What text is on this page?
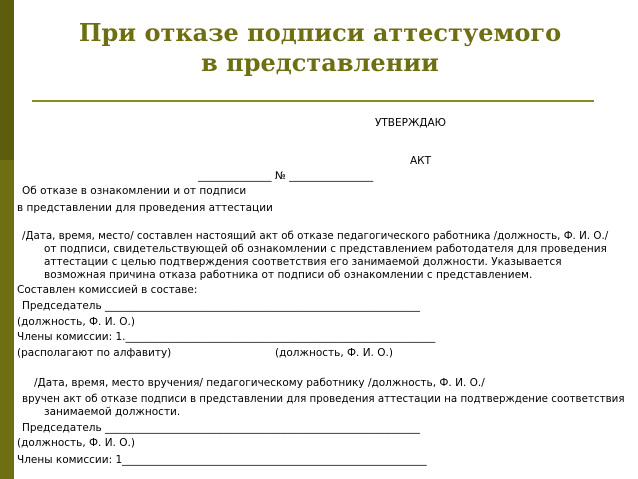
При отказе подписи аттестуемого
в представлении
УТВЕРЖДАЮ
АКТ
______________ № ________________
Об отказе в ознакомлении и от подписи
в представлении для проведения аттестации
/Дата, время, место/ составлен настоящий акт об отказе педагогического работника /должность, Ф. И. О./
от подписи, свидетельствующей об ознакомлении с представлением работодателя для проведения аттестации с целью подтверждения соответствия его занимаемой должности. Указывается возможная причина отказа работника от подписи об ознакомлении с представлением.
Составлен комиссией в составе:
Председатель ____________________________________________________________
(должность, Ф. И. О.)
Члены комиссии: 1.___________________________________________________________
(располагают по алфавиту)	(должность, Ф. И. О.)
/Дата, время, место вручения/ педагогическому работнику /должность, Ф. И. О./
вручен акт об отказе подписи в представлении для проведения аттестации на подтверждение соответствия
занимаемой должности.
Председатель ____________________________________________________________
(должность, Ф. И. О.)
Члены комиссии: 1__________________________________________________________
